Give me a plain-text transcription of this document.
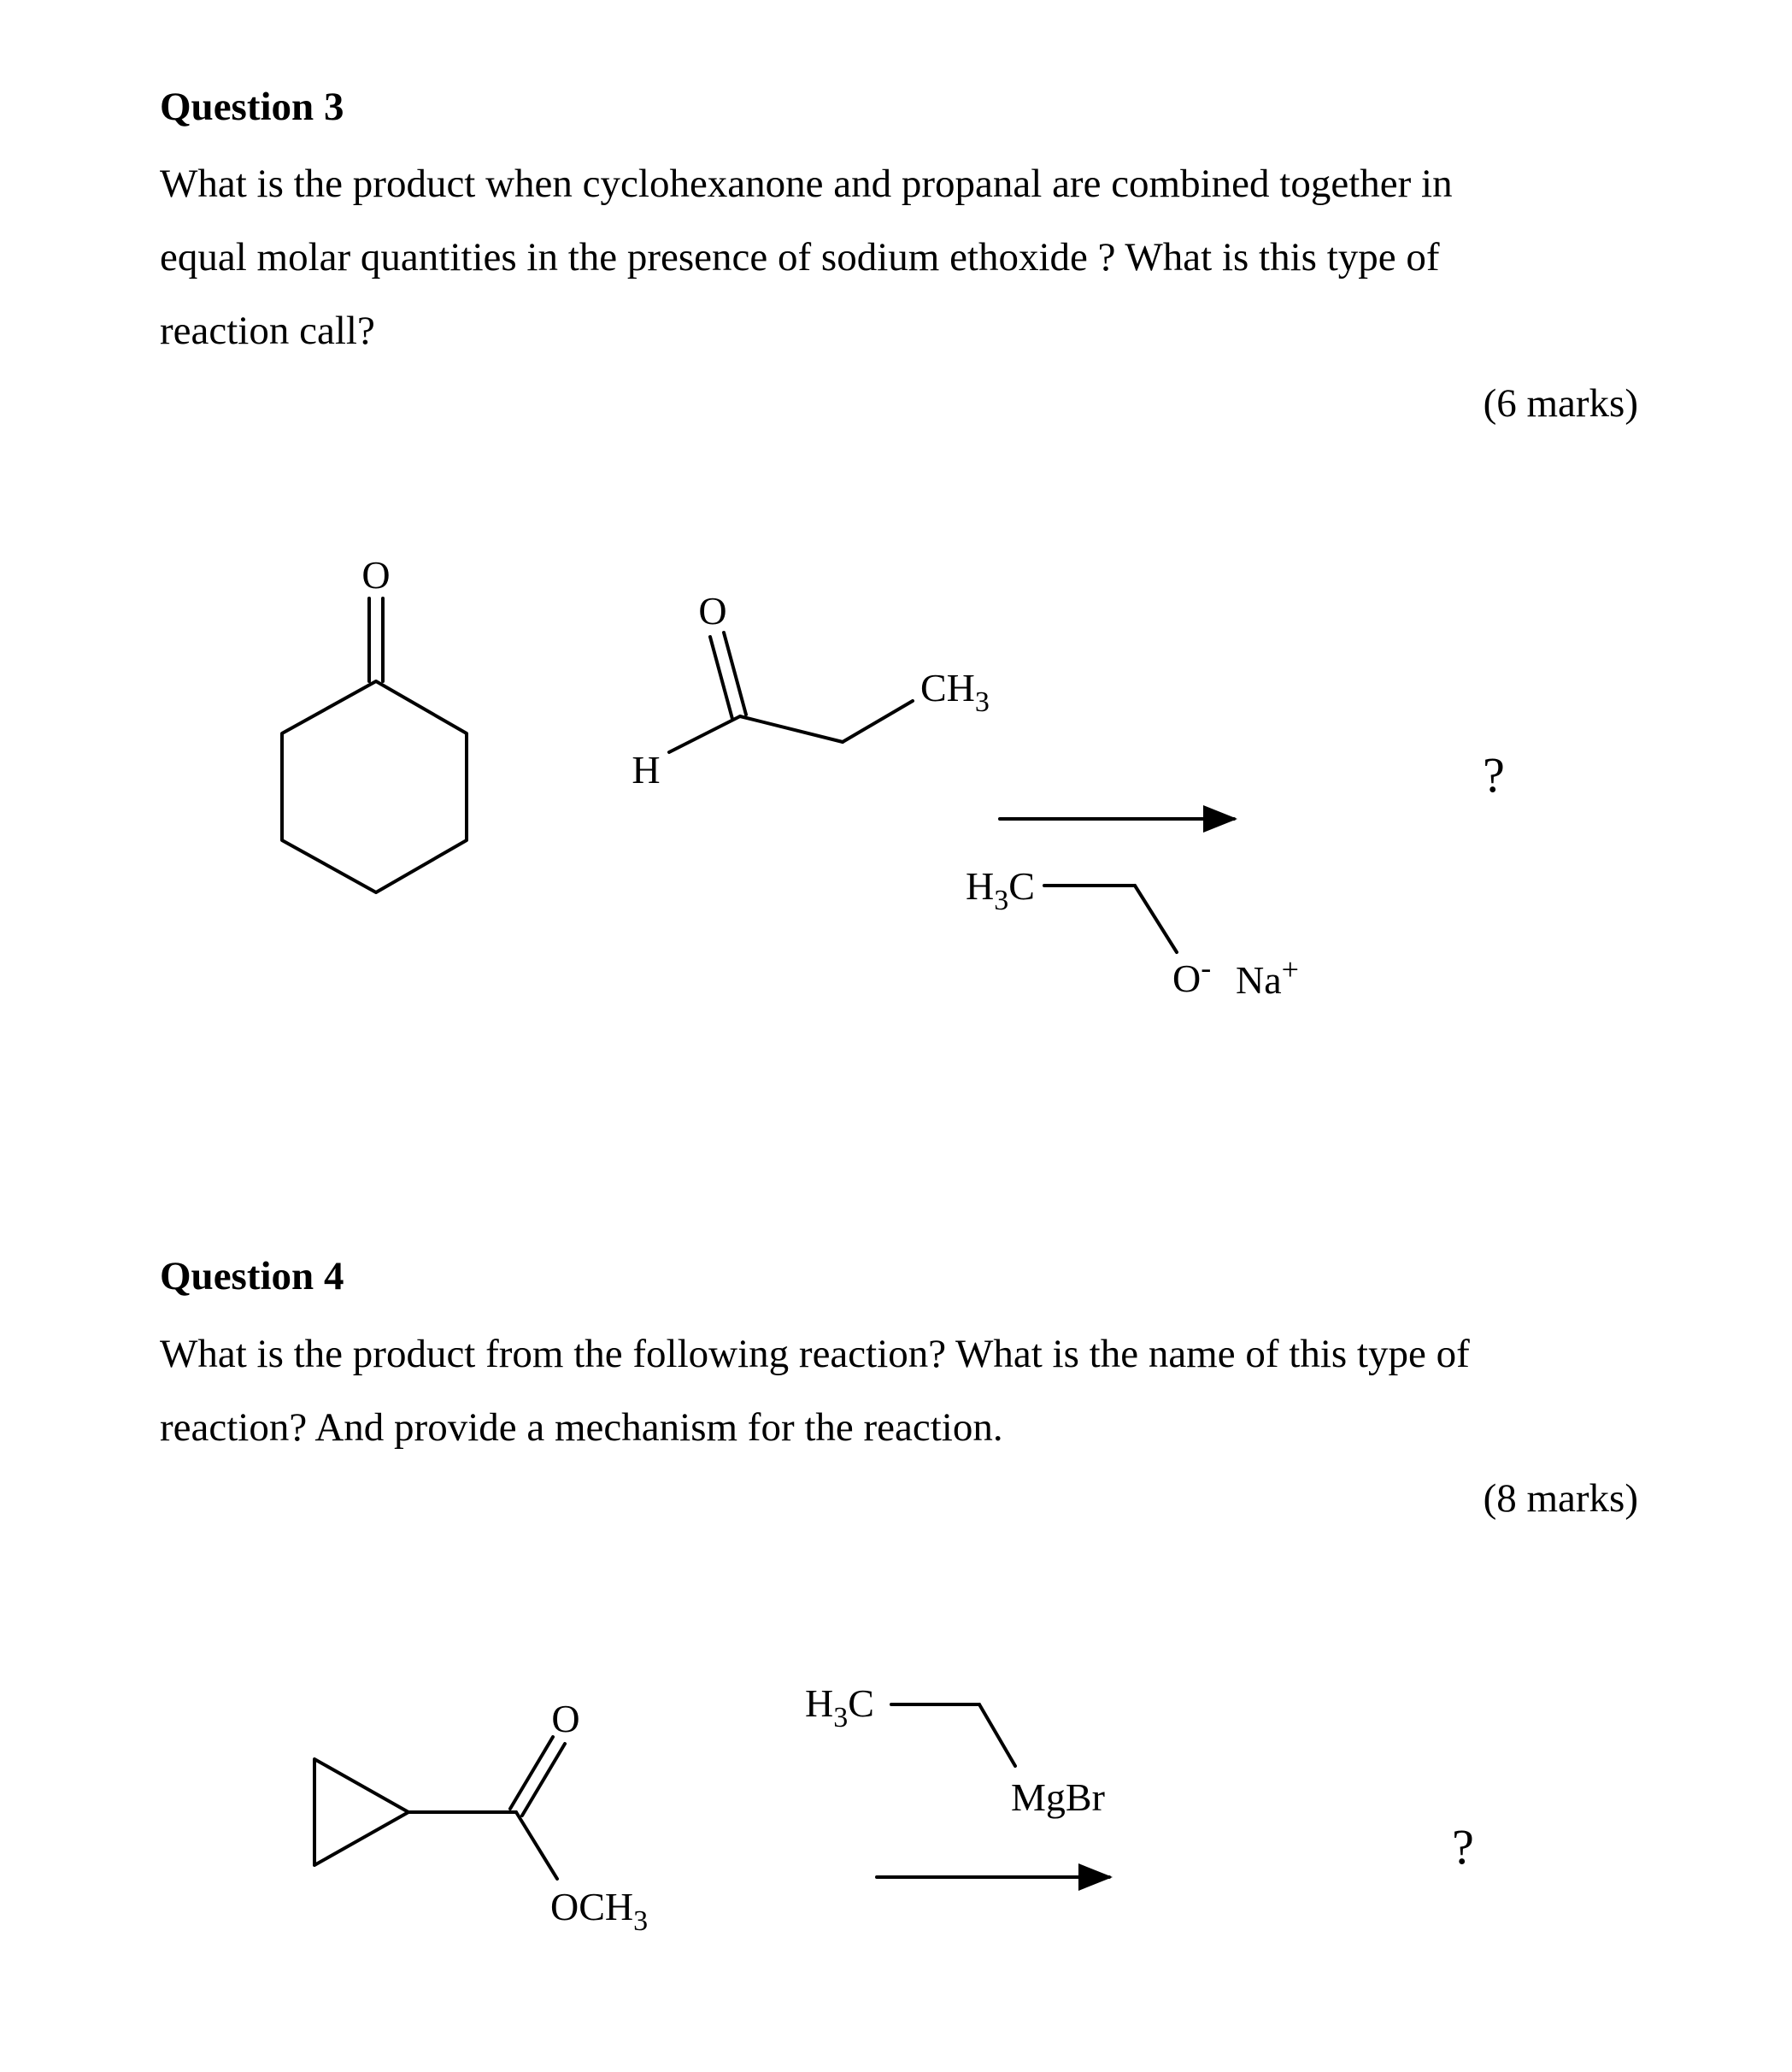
Question 3

What is the product when cyclohexanone and propanal are combined together in

equal molar quantities in the presence of sodium ethoxide ? What is this type of

reaction call?

(6 marks)

Question 4

What is the product from the following reaction? What is the name of this type of

reaction? And provide a mechanism for the reaction.

(8 marks)

O
O
H
$CH_3$
$H_3C$
O- Na+
?
O
$OCH_3$
$H_3C$
MgBr
?
